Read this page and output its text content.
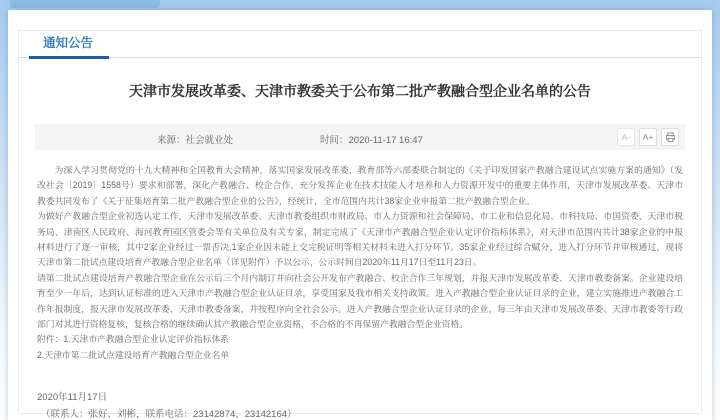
通知公告
天津市发展改革委、天津市教委关于公布第二批产教融合型企业名单的公告
来源：社会就业处	时间：2020-11-17 16:47	A-	A+

为深入学习贯彻党的十九大精神和全国教育大会精神，落实国家发展改革委、教育部等六部委联合制定的《关于印发国家产教融合建设试点实施方案的通知》（发改社会〔2019〕1558号）要求和部署，深化产教融合、校企合作，充分发挥企业在技术技能人才培养和人力资源开发中的重要主体作用，天津市发展改革委、天津市教委共同发布了《关于征集培育第二批产教融合型企业的公告》，经统计，全市范围内共计38家企业申报第二批产教融合型企业。

为做好产教融合型企业初选认定工作，天津市发展改革委、天津市教委组织市财政局、市人力资源和社会保障局、市工业和信息化局、市科技局、市国资委、天津市税务局、津南区人民政府、海河教育园区管委会等有关单位及有关专家，制定完成了《天津市产教融合型企业认定评价指标体系》，对天津市范围内共计38家企业的申报材料进行了逐一审核，其中2家企业经过一票否决,1家企业因未能上交完税证明等相关材料未进入打分环节。35家企业经过综合赋分，进入打分环节并审核通过，现将天津市第二批试点建设培育产教融合型企业名单（详见附件）予以公示，公示时间自2020年11月17日至11月23日。

请第二批试点建设培育产教融合型企业在公示后三个月内制订并向社会公开发布产教融合、校企合作三年规划，并报天津市发展改革委、天津市教委备案。企业建设培育至少一年后，达到认证标准的进入天津市产教融合型企业认证目录，享受国家及我市相关支持政策。进入产教融合型企业认证目录的企业，建立实施推进产教融合工作年报制度，报天津市发展改革委、天津市教委备案，并按程序向全社会公示。进入产教融合型企业认证目录的企业，每三年由天津市发展改革委、天津市教委等行政部门对其进行资格复核，复核合格的继续确认其产教融合型企业资格，不合格的不再保留产教融合型企业资格。

附件：1.天津市产教融合型企业认定评价指标体系

2.天津市第二批试点建设培育产教融合型企业名单

2020年11月17日
（联系人：张好、刘彬，联系电话：23142874、23142164）
